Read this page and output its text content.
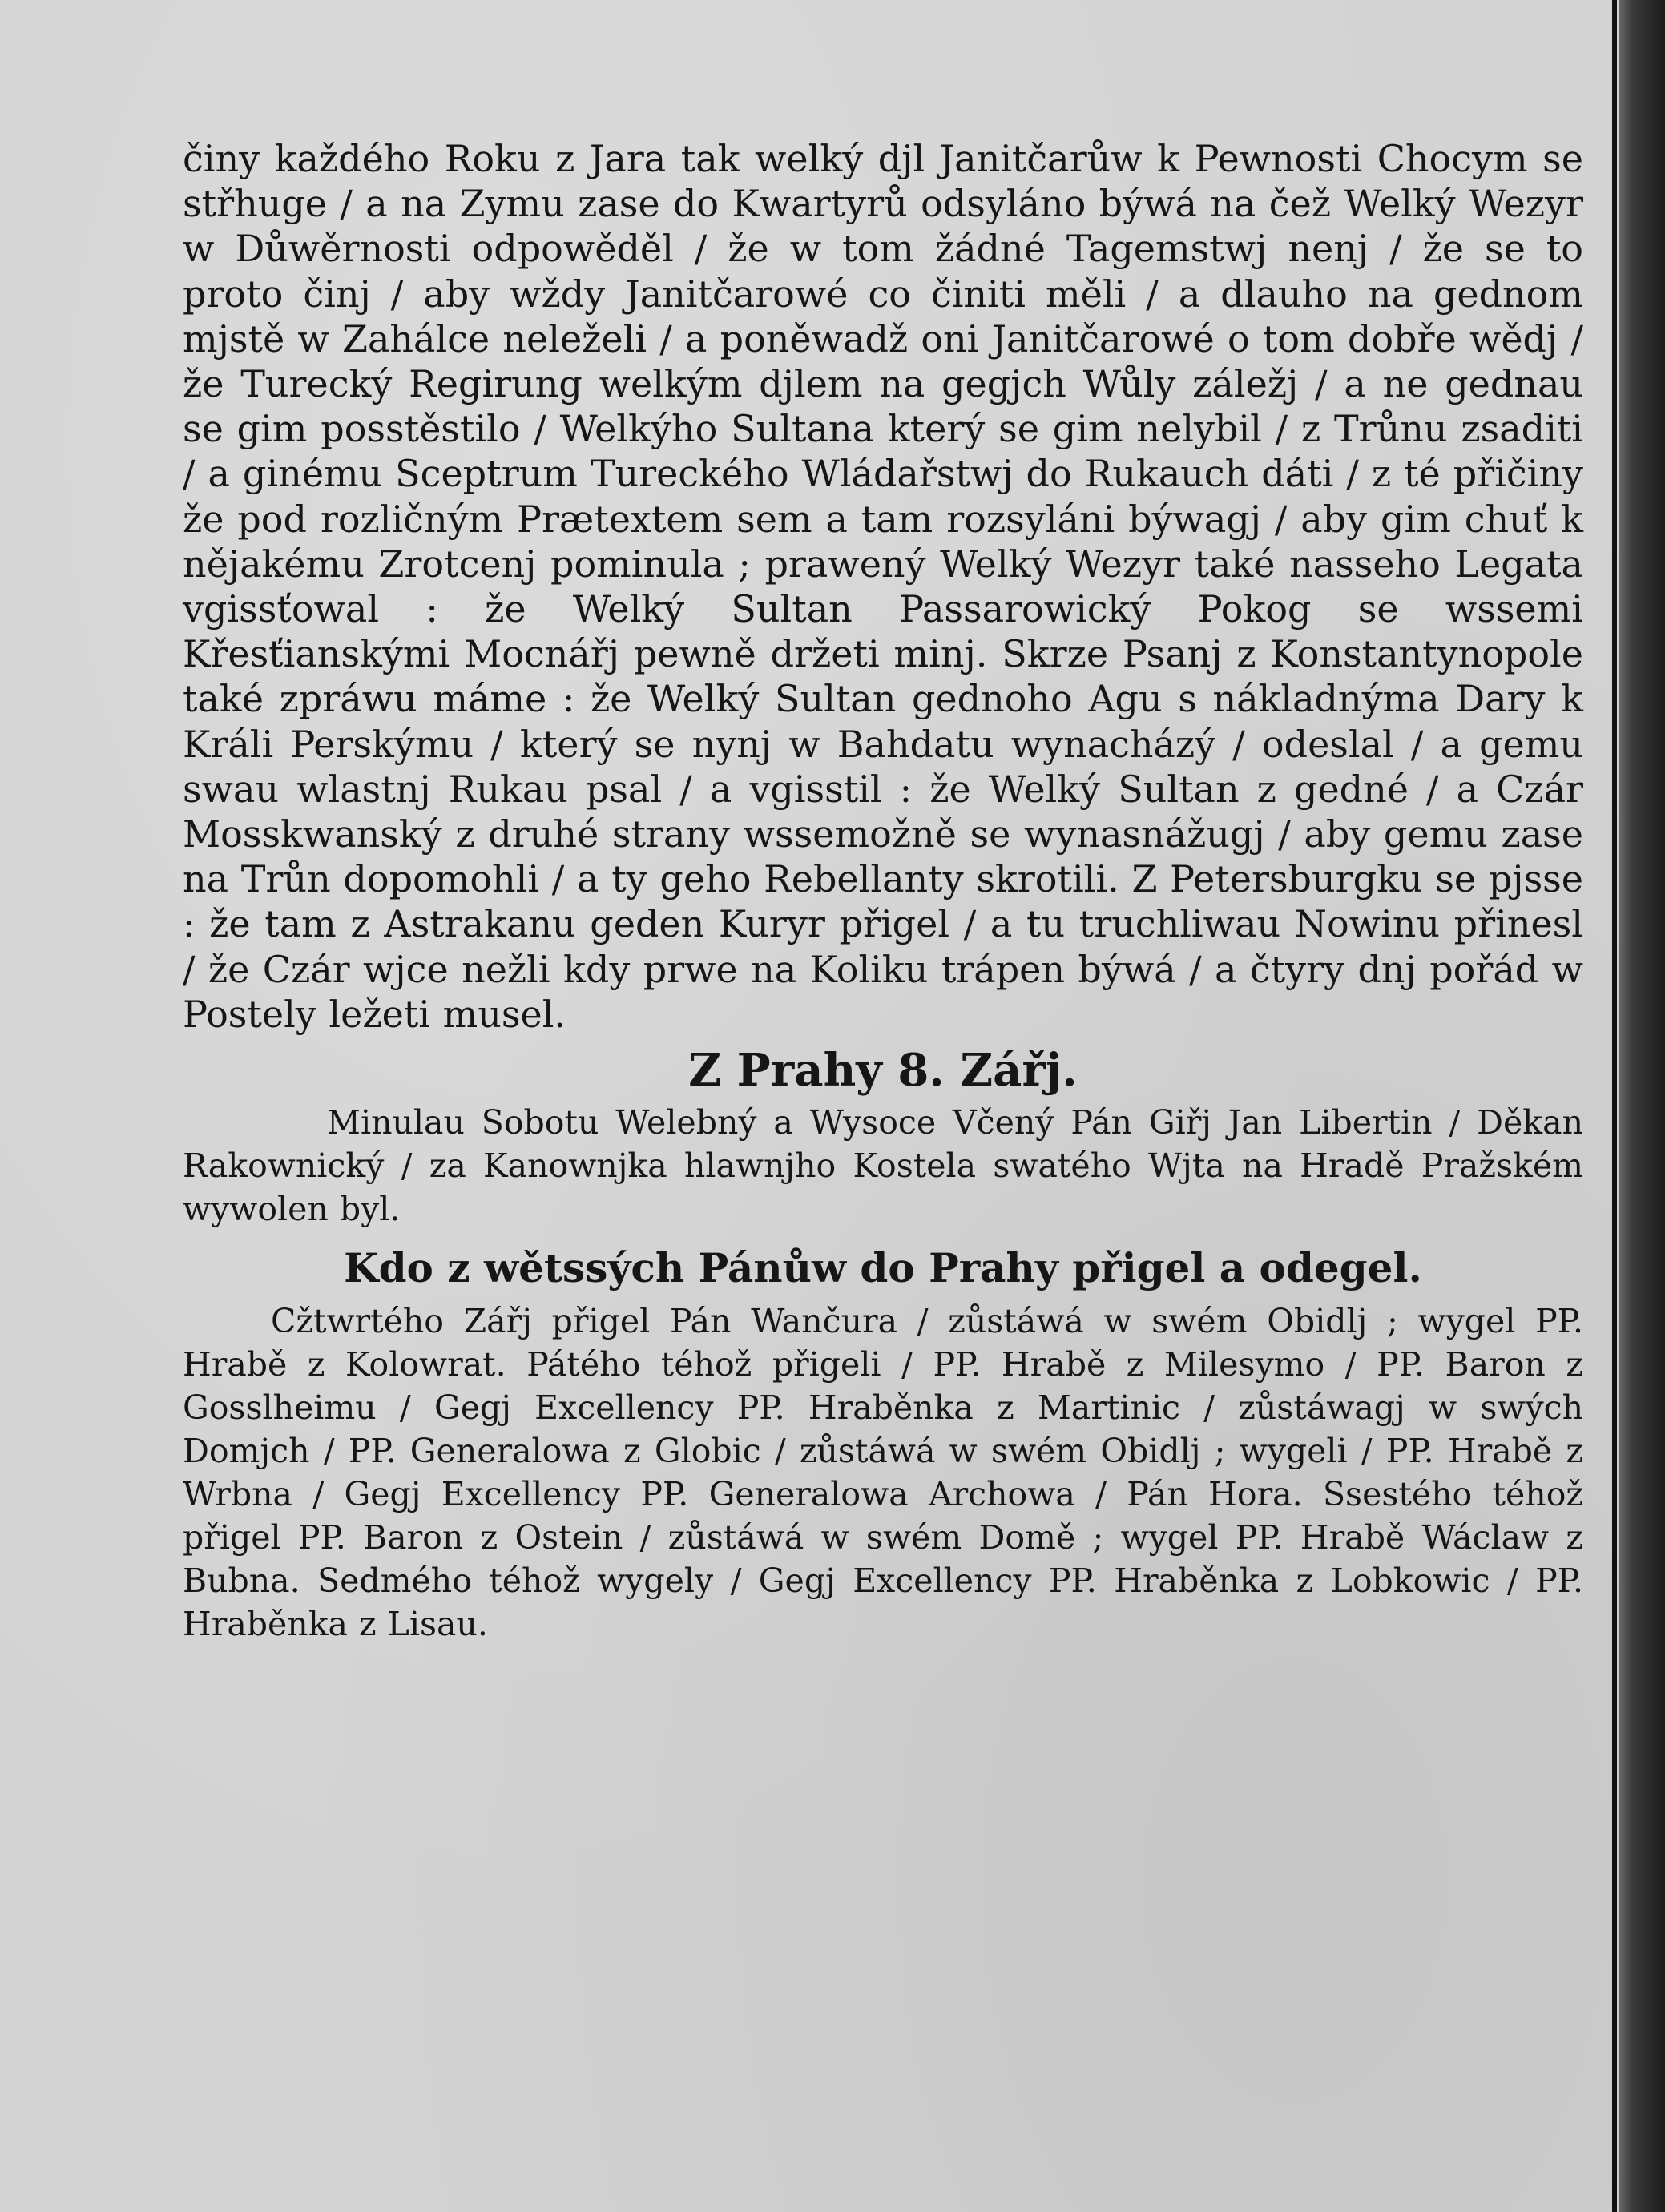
činy každého Roku z Jara tak welký djl Janitčarůw k Pewnosti Chocym se střhuge / a na Zymu zase do Kwartyrů odsyláno býwá na čež Welký Wezyr w Důwěrnosti odpowěděl / že w tom žádné Tagemstwj nenj / že se to proto činj / aby wždy Janitčarowé co činiti měli / a dlauho na gednom mjstě w Zahálce neleželi / a poněwadž oni Janitčarowé o tom dobře wědj / že Turecký Regirung welkým djlem na gegjch Wůly záležj / a ne gednau se gim posstěstilo / Welkýho Sultana který se gim nelybil / z Trůnu zsaditi / a ginému Sceptrum Tureckého Wládařstwj do Rukauch dáti / z té přičiny že pod rozličným Prætextem sem a tam rozsyláni býwagj / aby gim chuť k nějakému Zrotcenj pominula ; prawený Welký Wezyr také nasseho Legata vgissťowal : že Welký Sultan Passarowický Pokog se wssemi Křesťianskými Mocnářj pewně držeti minj. Skrze Psanj z Konstantynopole také zpráwu máme : že Welký Sultan gednoho Agu s nákladnýma Dary k Králi Perskýmu / který se nynj w Bahdatu wynacházý / odeslal / a gemu swau wlastnj Rukau psal / a vgisstil : že Welký Sultan z gedné / a Czár Mosskwanský z druhé strany wssemožně se wynasnážugj / aby gemu zase na Trůn dopomohli / a ty geho Rebellanty skrotili. Z Petersburgku se pjsse : že tam z Astrakanu geden Kuryr přigel / a tu truchliwau Nowinu přinesl / že Czár wjce nežli kdy prwe na Koliku trápen býwá / a čtyry dnj pořád w Postely ležeti musel.

Z Prahy 8. Zářj.

Minulau Sobotu Welebný a Wysoce Včený Pán Giřj Jan Libertin / Děkan Rakownický / za Kanownjka hlawnjho Kostela swatého Wjta na Hradě Pražském wywolen byl.

Kdo z wětssých Pánůw do Prahy přigel a odegel.

Cžtwrtého Zářj přigel Pán Wančura / zůstáwá w swém Obidlj ; wygel PP. Hrabě z Kolowrat. Pátého téhož přigeli / PP. Hrabě z Milesymo / PP. Baron z Gosslheimu / Gegj Excellency PP. Hraběnka z Martinic / zůstáwagj w swých Domjch / PP. Generalowa z Globic / zůstáwá w swém Obidlj ; wygeli / PP. Hrabě z Wrbna / Gegj Excellency PP. Generalowa Archowa / Pán Hora. Ssestého téhož přigel PP. Baron z Ostein / zůstáwá w swém Domě ; wygel PP. Hrabě Wáclaw z Bubna. Sedmého téhož wygely / Gegj Excellency PP. Hraběnka z Lobkowic / PP. Hraběnka z Lisau.
